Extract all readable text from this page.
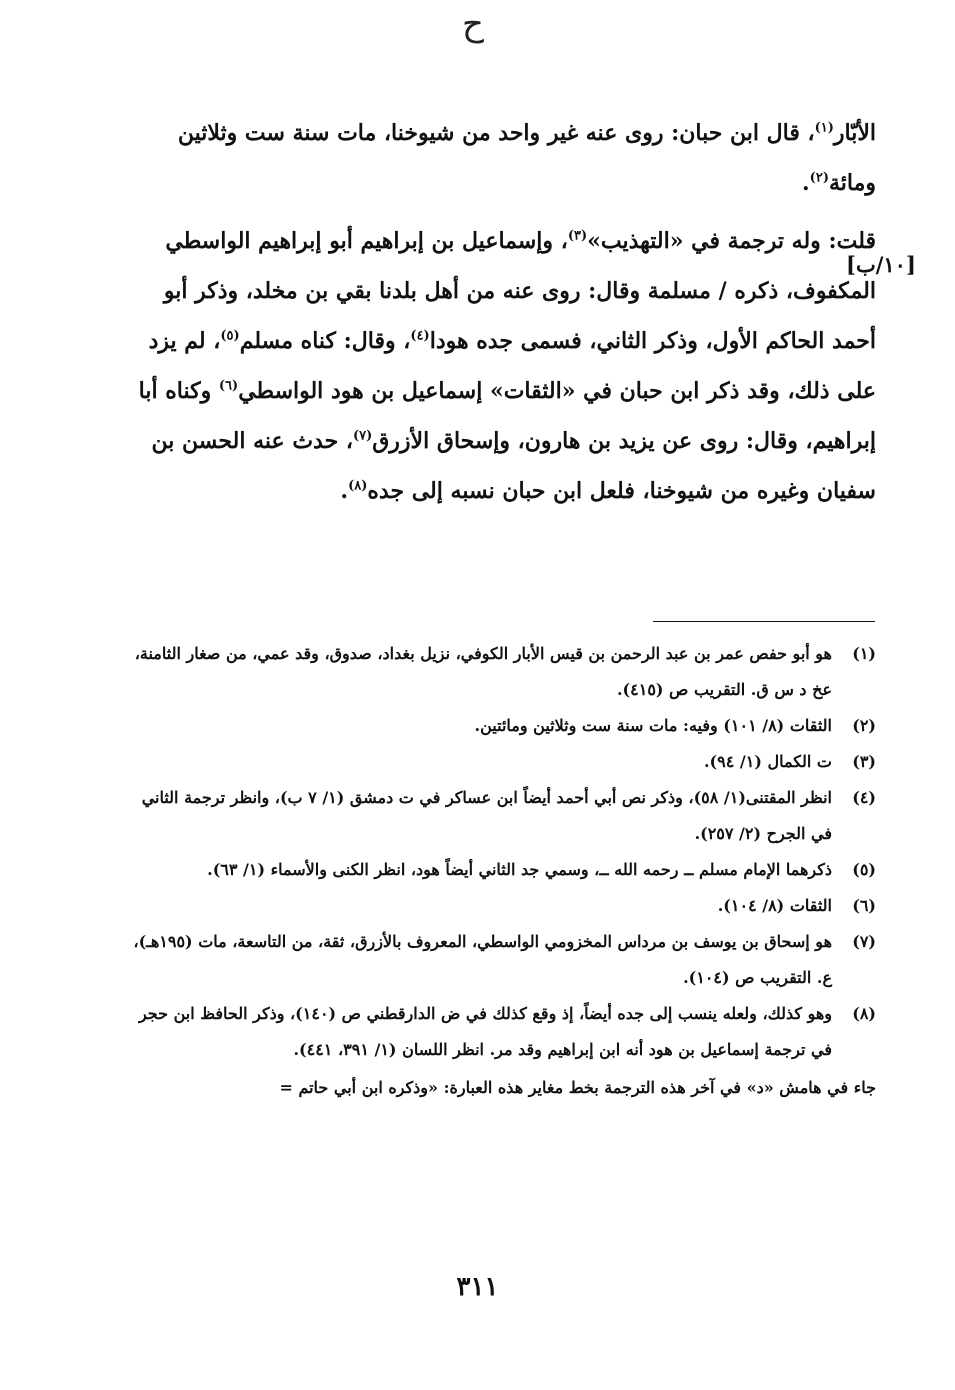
ح

الأبّار$^{(١)}$، قال ابن حبان: روى عنه غير واحد من شيوخنا، مات سنة ست وثلاثين ومائة$^{(٢)}$.

قلت: وله ترجمة في «التهذيب»$^{(٣)}$، وإسماعيل بن إبراهيم أبو إبراهيم الواسطي المكفوف، ذكره / مسلمة وقال: روى عنه من أهل بلدنا بقي بن مخلد، وذكر أبو أحمد الحاكم الأول، وذكر الثاني، فسمى جده هودا$^{(٤)}$، وقال: كناه مسلم$^{(٥)}$، لم يزد على ذلك، وقد ذكر ابن حبان في «الثقات» إسماعيل بن هود الواسطي$^{(٦)}$ وكناه أبا إبراهيم، وقال: روى عن يزيد بن هارون، وإسحاق الأزرق$^{(٧)}$، حدث عنه الحسن بن سفيان وغيره من شيوخنا، فلعل ابن حبان نسبه إلى جده$^{(٨)}$.

[١٠/ب]
(١)
هو أبو حفص عمر بن عبد الرحمن بن قيس الأبار الكوفي، نزيل بغداد، صدوق، وقد عمي، من صغار الثامنة، عخ د س ق. التقريب ص (٤١٥).
(٢)
الثقات (٨/ ١٠١) وفيه: مات سنة ست وثلاثين ومائتين.
(٣)
ت الكمال (١/ ٩٤).
(٤)
انظر المقتنى(١/ ٥٨)، وذكر نص أبي أحمد أيضاً ابن عساكر في ت دمشق (١/ ٧ ب)، وانظر ترجمة الثاني في الجرح (٢/ ٢٥٧).
(٥)
ذكرهما الإمام مسلم ــ رحمه الله ــ، وسمي جد الثاني أيضاً هود، انظر الكنى والأسماء (١/ ٦٣).
(٦)
الثقات (٨/ ١٠٤).
(٧)
هو إسحاق بن يوسف بن مرداس المخزومي الواسطي، المعروف بالأزرق، ثقة، من التاسعة، مات (١٩٥هـ)، ع. التقريب ص (١٠٤).
(٨)
وهو كذلك، ولعله ينسب إلى جده أيضاً، إذ وقع كذلك في ض الدارقطني ص (١٤٠)، وذكر الحافظ ابن حجر في ترجمة إسماعيل بن هود أنه ابن إبراهيم وقد مر. انظر اللسان (١/ ٣٩١، ٤٤١).
جاء في هامش «د» في آخر هذه الترجمة بخط مغاير هذه العبارة: «وذكره ابن أبي حاتم =
٣١١
